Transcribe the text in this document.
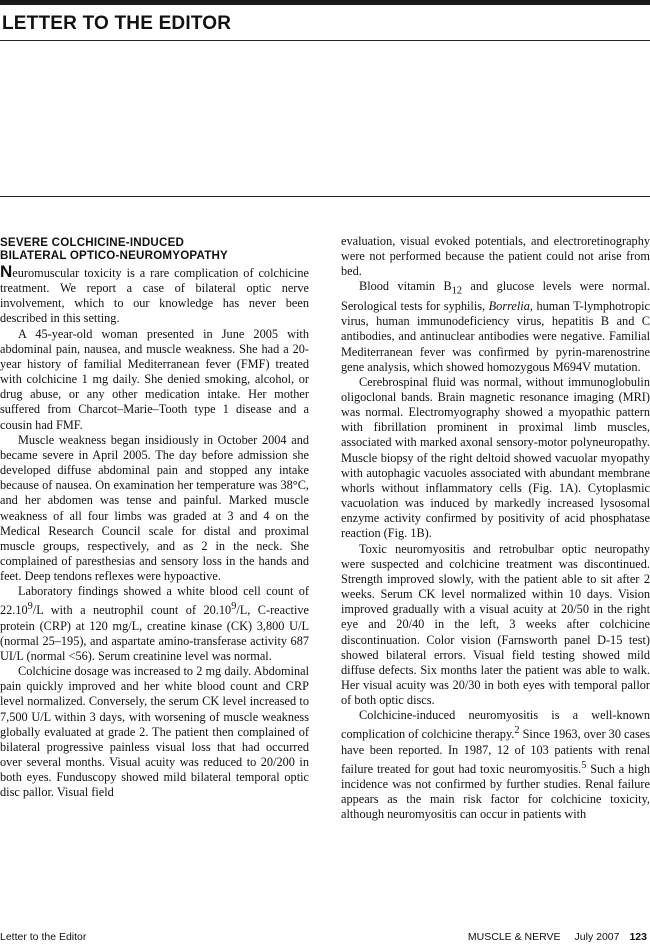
LETTER TO THE EDITOR
SEVERE COLCHICINE-INDUCED
BILATERAL OPTICO-NEUROMYOPATHY

Neuromuscular toxicity is a rare complication of colchicine treatment. We report a case of bilateral optic nerve involvement, which to our knowledge has never been described in this setting.

A 45-year-old woman presented in June 2005 with abdominal pain, nausea, and muscle weakness. She had a 20-year history of familial Mediterranean fever (FMF) treated with colchicine 1 mg daily. She denied smoking, alcohol, or drug abuse, or any other medication intake. Her mother suffered from Charcot–Marie–Tooth type 1 disease and a cousin had FMF.

Muscle weakness began insidiously in October 2004 and became severe in April 2005. The day before admission she developed diffuse abdominal pain and stopped any intake because of nausea. On examination her temperature was 38°C, and her abdomen was tense and painful. Marked muscle weakness of all four limbs was graded at 3 and 4 on the Medical Research Council scale for distal and proximal muscle groups, respectively, and as 2 in the neck. She complained of paresthesias and sensory loss in the hands and feet. Deep tendons reflexes were hypoactive.

Laboratory findings showed a white blood cell count of 22.10$^9$/L with a neutrophil count of 20.10$^9$/L, C-reactive protein (CRP) at 120 mg/L, creatine kinase (CK) 3,800 U/L (normal 25–195), and aspartate amino-transferase activity 687 UI/L (normal <56). Serum creatinine level was normal.

Colchicine dosage was increased to 2 mg daily. Abdominal pain quickly improved and her white blood count and CRP level normalized. Conversely, the serum CK level increased to 7,500 U/L within 3 days, with worsening of muscle weakness globally evaluated at grade 2. The patient then complained of bilateral progressive painless visual loss that had occurred over several months. Visual acuity was reduced to 20/200 in both eyes. Funduscopy showed mild bilateral temporal optic disc pallor. Visual field

evaluation, visual evoked potentials, and electroretinography were not performed because the patient could not arise from bed.

Blood vitamin $B_{12}$ and glucose levels were normal. Serological tests for syphilis, Borrelia, human T-lymphotropic virus, human immunodeficiency virus, hepatitis B and C antibodies, and antinuclear antibodies were negative. Familial Mediterranean fever was confirmed by pyrin-marenostrine gene analysis, which showed homozygous M694V mutation.

Cerebrospinal fluid was normal, without immunoglobulin oligoclonal bands. Brain magnetic resonance imaging (MRI) was normal. Electromyography showed a myopathic pattern with fibrillation prominent in proximal limb muscles, associated with marked axonal sensory-motor polyneuropathy. Muscle biopsy of the right deltoid showed vacuolar myopathy with autophagic vacuoles associated with abundant membrane whorls without inflammatory cells (Fig. 1A). Cytoplasmic vacuolation was induced by markedly increased lysosomal enzyme activity confirmed by positivity of acid phosphatase reaction (Fig. 1B).

Toxic neuromyositis and retrobulbar optic neuropathy were suspected and colchicine treatment was discontinued. Strength improved slowly, with the patient able to sit after 2 weeks. Serum CK level normalized within 10 days. Vision improved gradually with a visual acuity at 20/50 in the right eye and 20/40 in the left, 3 weeks after colchicine discontinuation. Color vision (Farnsworth panel D-15 test) showed bilateral errors. Visual field testing showed mild diffuse defects. Six months later the patient was able to walk. Her visual acuity was 20/30 in both eyes with temporal pallor of both optic discs.

Colchicine-induced neuromyositis is a well-known complication of colchicine therapy.$^2$ Since 1963, over 30 cases have been reported. In 1987, 12 of 103 patients with renal failure treated for gout had toxic neuromyositis.$^5$ Such a high incidence was not confirmed by further studies. Renal failure appears as the main risk factor for colchicine toxicity, although neuromyositis can occur in patients with

Letter to the Editor	MUSCLE & NERVE July 2007 123
